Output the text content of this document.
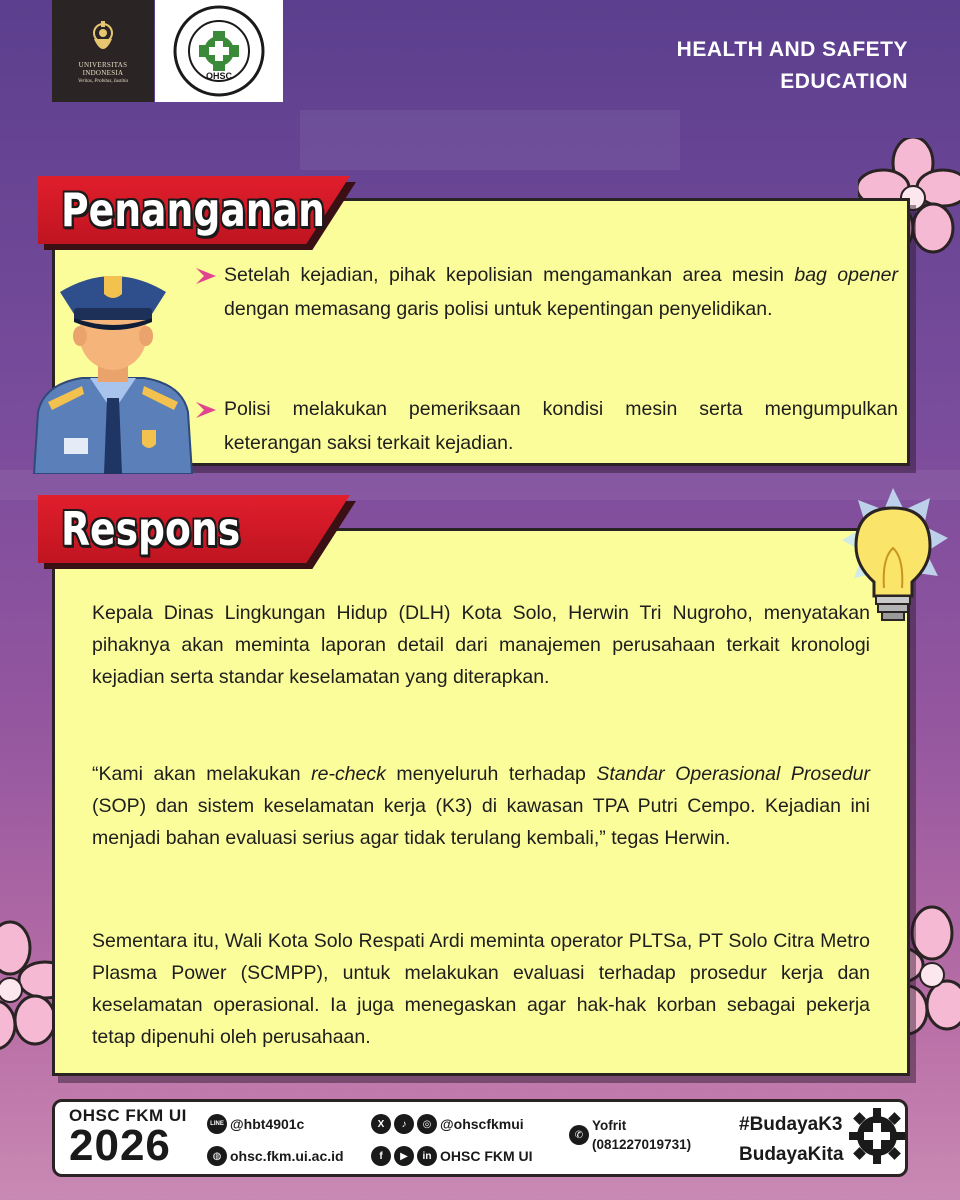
UNIVERSITAS
INDONESIA
Veritas, Probitas, Iustitia	OHSC
HEALTH AND SAFETY
EDUCATION
Penanganan
Setelah kejadian, pihak kepolisian mengamankan area mesin bag opener dengan memasang garis polisi untuk kepentingan penyelidikan.
Polisi melakukan pemeriksaan kondisi mesin serta mengumpulkan keterangan saksi terkait kejadian.
Respons
Kepala Dinas Lingkungan Hidup (DLH) Kota Solo, Herwin Tri Nugroho, menyatakan pihaknya akan meminta laporan detail dari manajemen perusahaan terkait kronologi kejadian serta standar keselamatan yang diterapkan.
“Kami akan melakukan re-check menyeluruh terhadap Standar Operasional Prosedur (SOP) dan sistem keselamatan kerja (K3) di kawasan TPA Putri Cempo. Kejadian ini menjadi bahan evaluasi serius agar tidak terulang kembali,” tegas Herwin.
Sementara itu, Wali Kota Solo Respati Ardi meminta operator PLTSa, PT Solo Citra Metro Plasma Power (SCMPP), untuk melakukan evaluasi terhadap prosedur kerja dan keselamatan operasional. Ia juga menegaskan agar hak-hak korban sebagai pekerja tetap dipenuhi oleh perusahaan.
OHSC FKM UI
2026	LINE @hbt4901c
◍ ohsc.fkm.ui.ac.id
X	♪	◎ @ohscfkmui
f	▶	in OHSC FKM UI
✆
Yofrit
(081227019731)
#BudayaK3
BudayaKita
